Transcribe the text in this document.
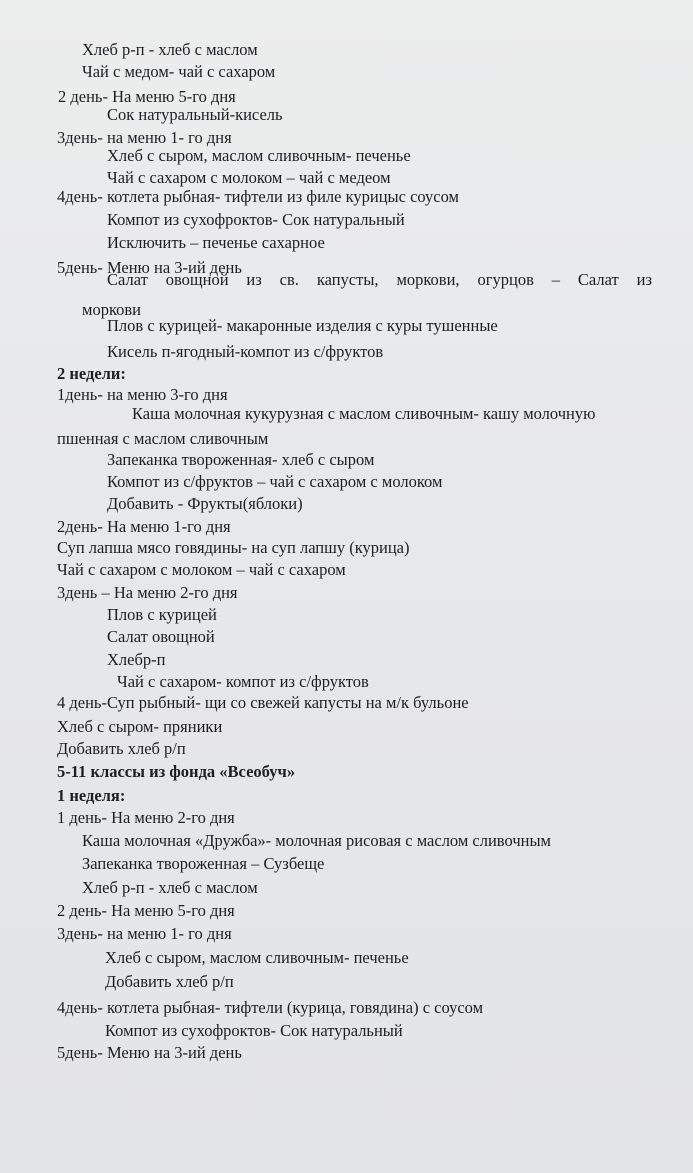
Хлеб р-п - хлеб с маслом
Чай с медом- чай с сахаром
2 день- На меню 5-го дня
Сок натуральный-кисель
3день- на меню 1- го дня
Хлеб с сыром, маслом сливочным- печенье
Чай с сахаром с молоком – чай с медеом
4день- котлета рыбная- тифтели из филе курицыс соусом
Компот из сухофроктов- Сок натуральный
Исключить – печенье сахарное
5день- Меню на 3-ий день
Салат овощной из св. капусты, моркови, огурцов – Салат из
моркови
Плов с курицей- макаронные изделия с куры тушенные
Кисель п-ягодный-компот из с/фруктов
2 недели:
1день- на меню 3-го дня
Каша молочная кукурузная с маслом сливочным- кашу молочную
пшенная с маслом сливочным
Запеканка твороженная- хлеб с сыром
Компот из с/фруктов – чай с сахаром с молоком
Добавить - Фрукты(яблоки)
2день- На меню 1-го дня
Суп лапша мясо говядины- на суп лапшу (курица)
Чай с сахаром с молоком – чай с сахаром
3день – На меню 2-го дня
Плов с курицей
Салат овощной
Хлебр-п
Чай с сахаром- компот из с/фруктов
4 день-Суп рыбный- щи со свежей капусты на м/к бульоне
Хлеб с сыром- пряники
Добавить хлеб р/п
5-11 классы из фонда «Всеобуч»
1 неделя:
1 день- На меню 2-го дня
Каша молочная «Дружба»- молочная рисовая с маслом сливочным
Запеканка твороженная – Сузбеще
Хлеб р-п - хлеб с маслом
2 день- На меню 5-го дня
3день- на меню 1- го дня
Хлеб с сыром, маслом сливочным- печенье
Добавить хлеб р/п
4день- котлета рыбная- тифтели (курица, говядина) с соусом
Компот из сухофроктов- Сок натуральный
5день- Меню на 3-ий день
